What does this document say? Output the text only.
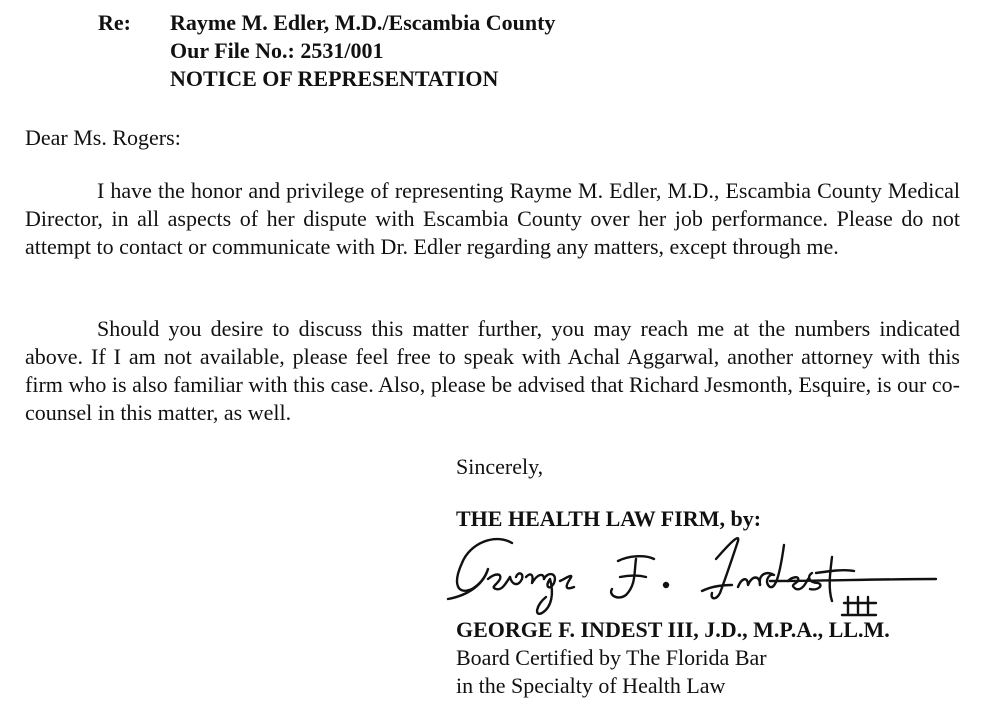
Re:	Rayme M. Edler, M.D./Escambia County
Our File No.: 2531/001
NOTICE OF REPRESENTATION
Dear Ms. Rogers:
I have the honor and privilege of representing Rayme M. Edler, M.D., Escambia County Medical Director, in all aspects of her dispute with Escambia County over her job performance. Please do not attempt to contact or communicate with Dr. Edler regarding any matters, except through me.
Should you desire to discuss this matter further, you may reach me at the numbers indicated above. If I am not available, please feel free to speak with Achal Aggarwal, another attorney with this firm who is also familiar with this case. Also, please be advised that Richard Jesmonth, Esquire, is our co-counsel in this matter, as well.
Sincerely,
THE HEALTH LAW FIRM, by:
GEORGE F. INDEST III, J.D., M.P.A., LL.M.
Board Certified by The Florida Bar
in the Specialty of Health Law
